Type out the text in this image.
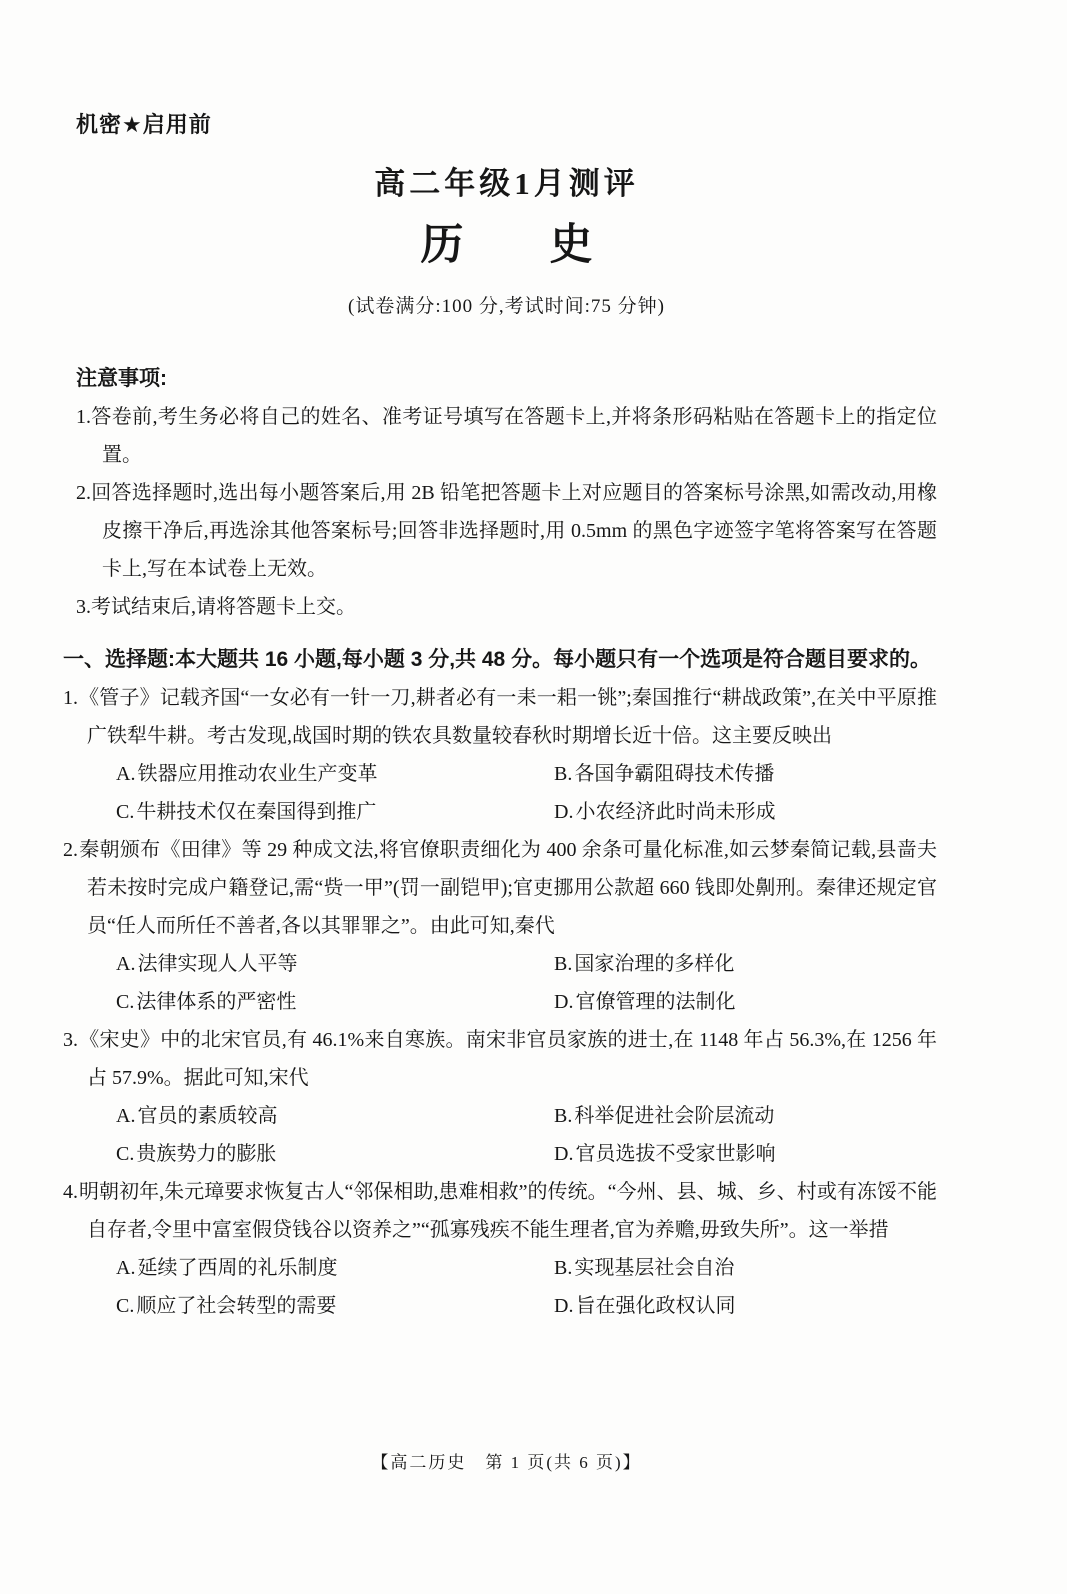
机密★启用前
高二年级1月测评
历　　史
(试卷满分:100 分,考试时间:75 分钟)
注意事项:
1.答卷前,考生务必将自己的姓名、准考证号填写在答题卡上,并将条形码粘贴在答题卡上的指定位置。
2.回答选择题时,选出每小题答案后,用 2B 铅笔把答题卡上对应题目的答案标号涂黑,如需改动,用橡皮擦干净后,再选涂其他答案标号;回答非选择题时,用 0.5mm 的黑色字迹签字笔将答案写在答题卡上,写在本试卷上无效。
3.考试结束后,请将答题卡上交。
一、选择题:本大题共 16 小题,每小题 3 分,共 48 分。每小题只有一个选项是符合题目要求的。
1.《管子》记载齐国“一女必有一针一刀,耕者必有一耒一耜一铫”;秦国推行“耕战政策”,在关中平原推广铁犁牛耕。考古发现,战国时期的铁农具数量较春秋时期增长近十倍。这主要反映出
A. 铁器应用推动农业生产变革	B. 各国争霸阻碍技术传播
C. 牛耕技术仅在秦国得到推广	D. 小农经济此时尚未形成
2.秦朝颁布《田律》等 29 种成文法,将官僚职责细化为 400 余条可量化标准,如云梦秦简记载,县啬夫若未按时完成户籍登记,需“赀一甲”(罚一副铠甲);官吏挪用公款超 660 钱即处劓刑。秦律还规定官员“任人而所任不善者,各以其罪罪之”。由此可知,秦代
A. 法律实现人人平等	B. 国家治理的多样化
C. 法律体系的严密性	D. 官僚管理的法制化
3.《宋史》中的北宋官员,有 46.1%来自寒族。南宋非官员家族的进士,在 1148 年占 56.3%,在 1256 年占 57.9%。据此可知,宋代
A. 官员的素质较高	B. 科举促进社会阶层流动
C. 贵族势力的膨胀	D. 官员选拔不受家世影响
4.明朝初年,朱元璋要求恢复古人“邻保相助,患难相救”的传统。“今州、县、城、乡、村或有冻馁不能自存者,令里中富室假贷钱谷以资养之”“孤寡残疾不能生理者,官为养赡,毋致失所”。这一举措
A. 延续了西周的礼乐制度	B. 实现基层社会自治
C. 顺应了社会转型的需要	D. 旨在强化政权认同
【高二历史　第 1 页(共 6 页)】
